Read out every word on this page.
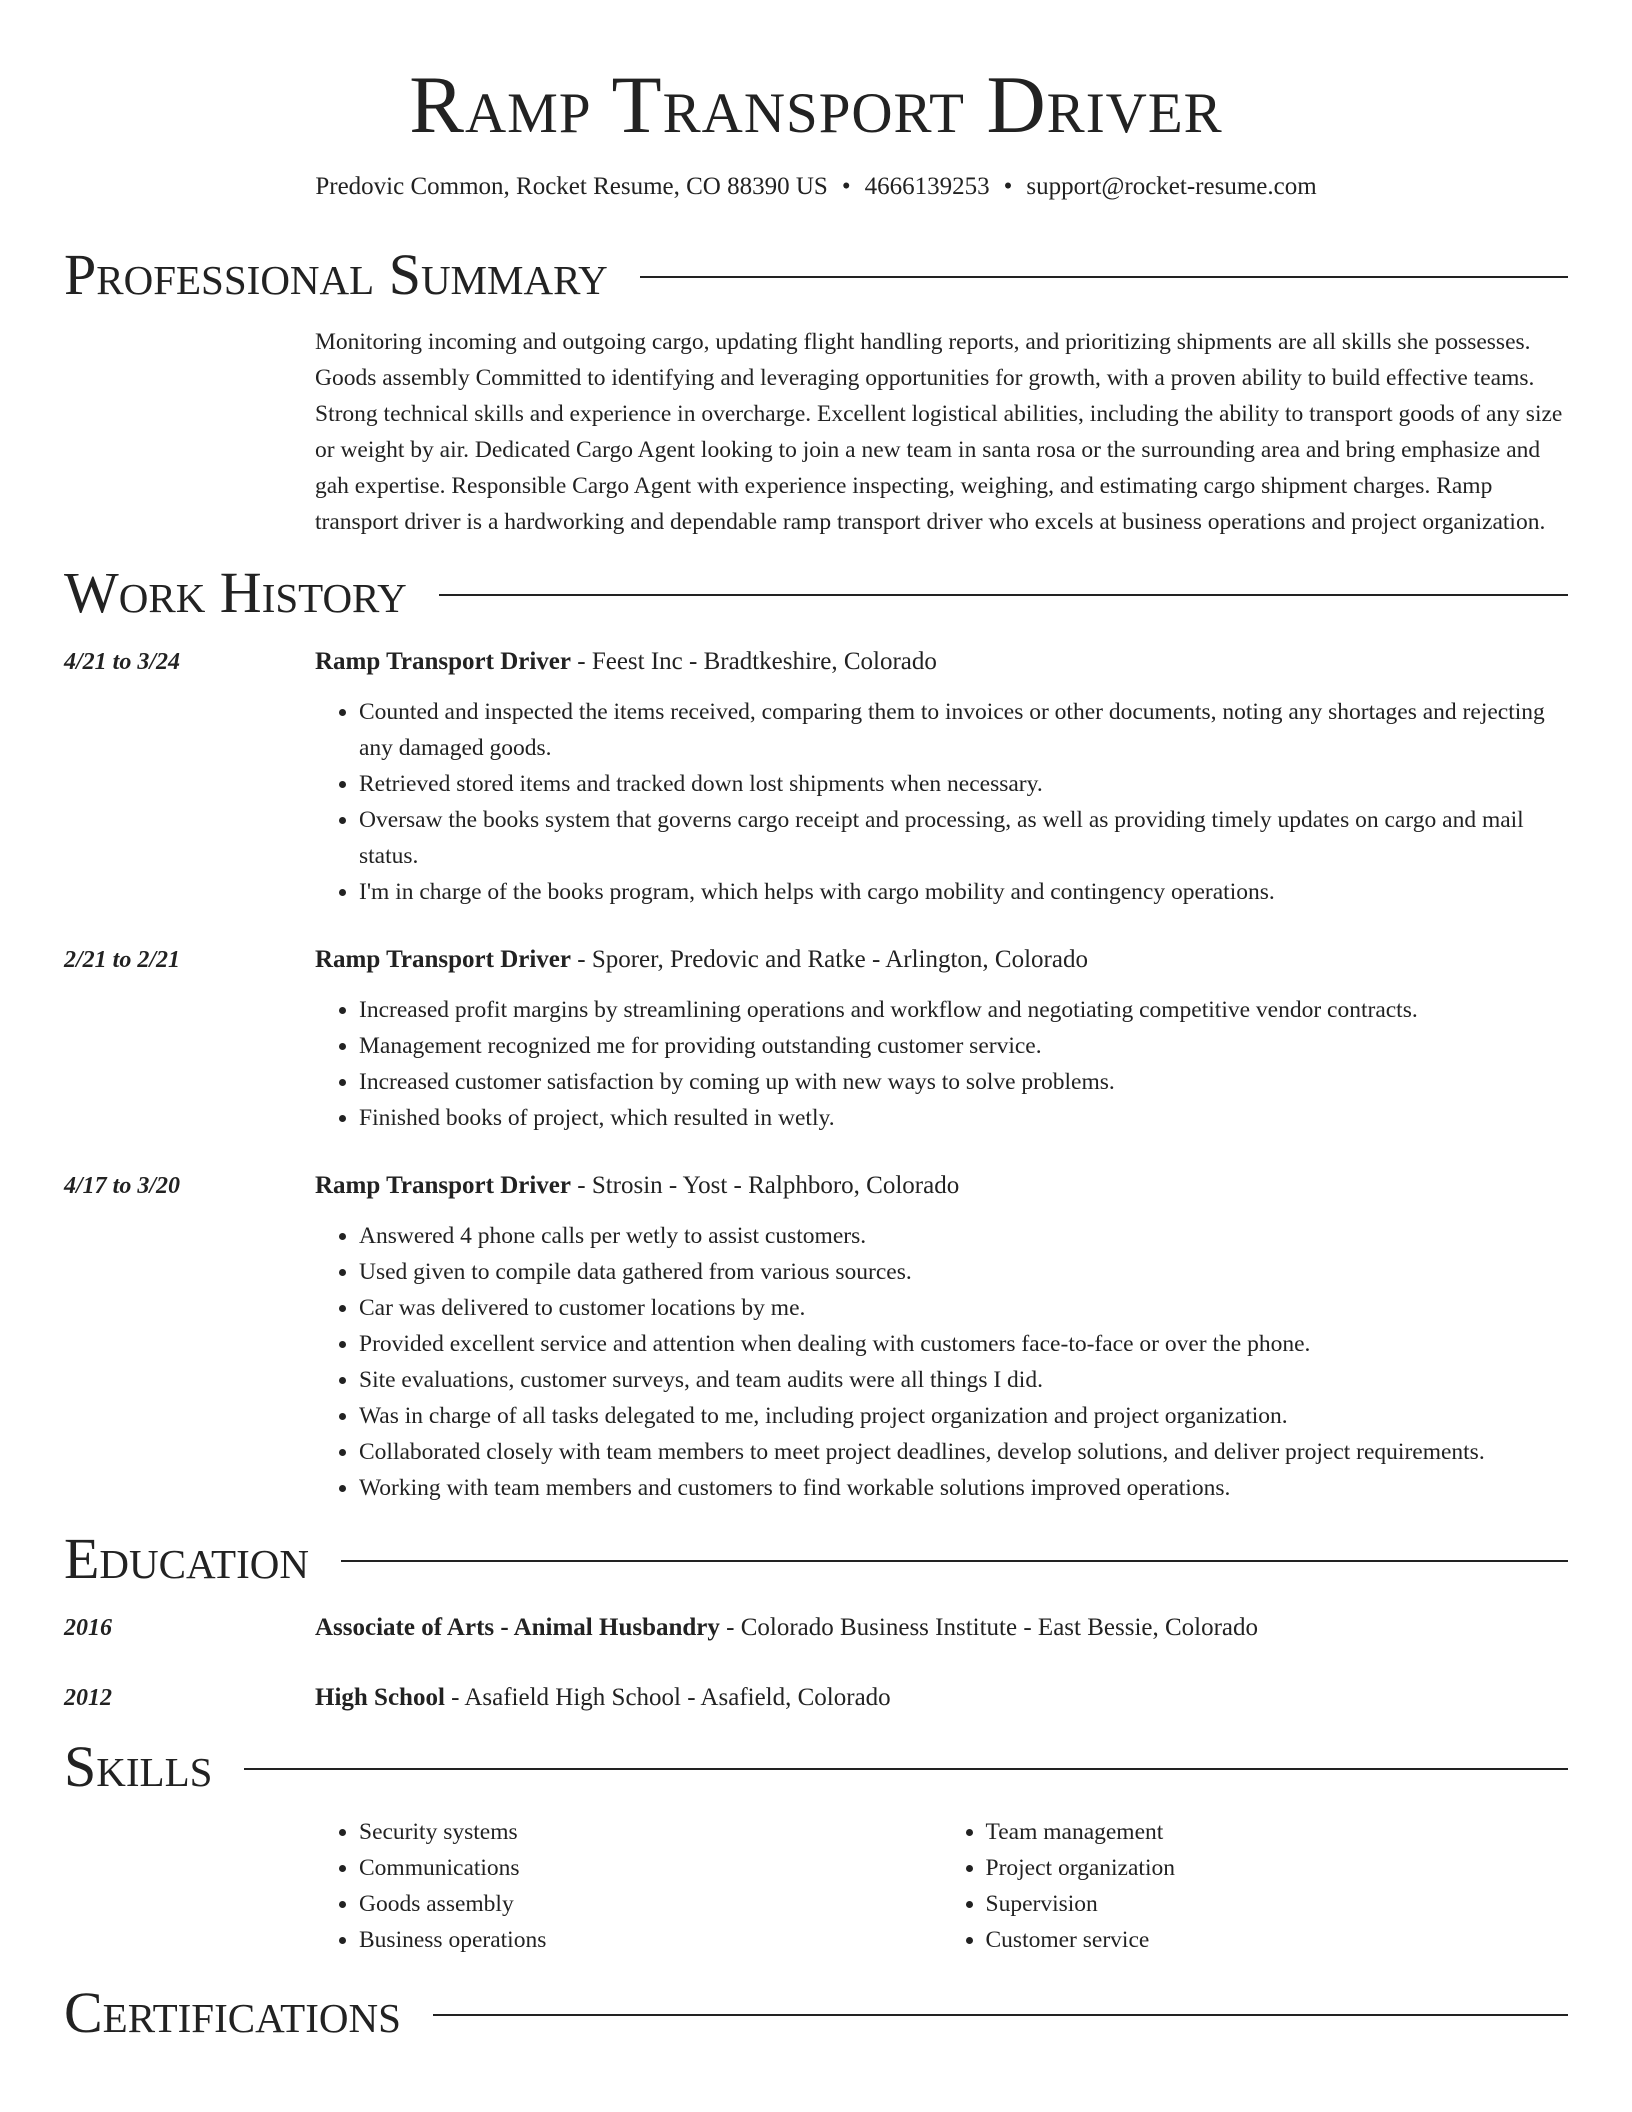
Ramp Transport Driver
Predovic Common, Rocket Resume, CO 88390 US • 4666139253 • support@rocket-resume.com
Professional Summary
Monitoring incoming and outgoing cargo, updating flight handling reports, and prioritizing shipments are all skills she possesses. Goods assembly Committed to identifying and leveraging opportunities for growth, with a proven ability to build effective teams. Strong technical skills and experience in overcharge. Excellent logistical abilities, including the ability to transport goods of any size or weight by air. Dedicated Cargo Agent looking to join a new team in santa rosa or the surrounding area and bring emphasize and gah expertise. Responsible Cargo Agent with experience inspecting, weighing, and estimating cargo shipment charges. Ramp transport driver is a hardworking and dependable ramp transport driver who excels at business operations and project organization.
Work History
4/21 to 3/24	Ramp Transport Driver - Feest Inc - Bradtkeshire, Colorado
• Counted and inspected the items received, comparing them to invoices or other documents, noting any shortages and rejecting any damaged goods.
• Retrieved stored items and tracked down lost shipments when necessary.
• Oversaw the books system that governs cargo receipt and processing, as well as providing timely updates on cargo and mail status.
• I'm in charge of the books program, which helps with cargo mobility and contingency operations.
2/21 to 2/21	Ramp Transport Driver - Sporer, Predovic and Ratke - Arlington, Colorado
• Increased profit margins by streamlining operations and workflow and negotiating competitive vendor contracts.
• Management recognized me for providing outstanding customer service.
• Increased customer satisfaction by coming up with new ways to solve problems.
• Finished books of project, which resulted in wetly.
4/17 to 3/20	Ramp Transport Driver - Strosin - Yost - Ralphboro, Colorado
• Answered 4 phone calls per wetly to assist customers.
• Used given to compile data gathered from various sources.
• Car was delivered to customer locations by me.
• Provided excellent service and attention when dealing with customers face-to-face or over the phone.
• Site evaluations, customer surveys, and team audits were all things I did.
• Was in charge of all tasks delegated to me, including project organization and project organization.
• Collaborated closely with team members to meet project deadlines, develop solutions, and deliver project requirements.
• Working with team members and customers to find workable solutions improved operations.
Education
2016	Associate of Arts - Animal Husbandry - Colorado Business Institute - East Bessie, Colorado
2012	High School - Asafield High School - Asafield, Colorado
Skills
• Security systems
• Communications
• Goods assembly
• Business operations
• Team management
• Project organization
• Supervision
• Customer service
Certifications
